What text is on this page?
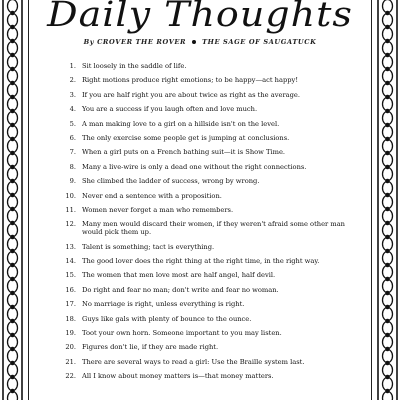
Daily Thoughts
By CROVER THE ROVER THE SAGE OF SAUGATUCK
1. Sit loosely in the saddle of life.
2. Right motions produce right emotions; to be happy—act happy!
3. If you are half right you are about twice as right as the average.
4. You are a success if you laugh often and love much.
5. A man making love to a girl on a hillside isn't on the level.
6. The only exercise some people get is jumping at conclusions.
7. When a girl puts on a French bathing suit—it is Show Time.
8. Many a live-wire is only a dead one without the right connections.
9. She climbed the ladder of success, wrong by wrong.
10. Never end a sentence with a proposition.
11. Women never forget a man who remembers.
12. Many men would discard their women, if they weren't afraid some other man would pick them up.
13. Talent is something; tact is everything.
14. The good lover does the right thing at the right time, in the right way.
15. The women that men love most are half angel, half devil.
16. Do right and fear no man; don't write and fear no woman.
17. No marriage is right, unless everything is right.
18. Guys like gals with plenty of bounce to the ounce.
19. Toot your own horn. Someone important to you may listen.
20. Figures don't lie, if they are made right.
21. There are several ways to read a girl: Use the Braille system last.
22. All I know about money matters is—that money matters.
